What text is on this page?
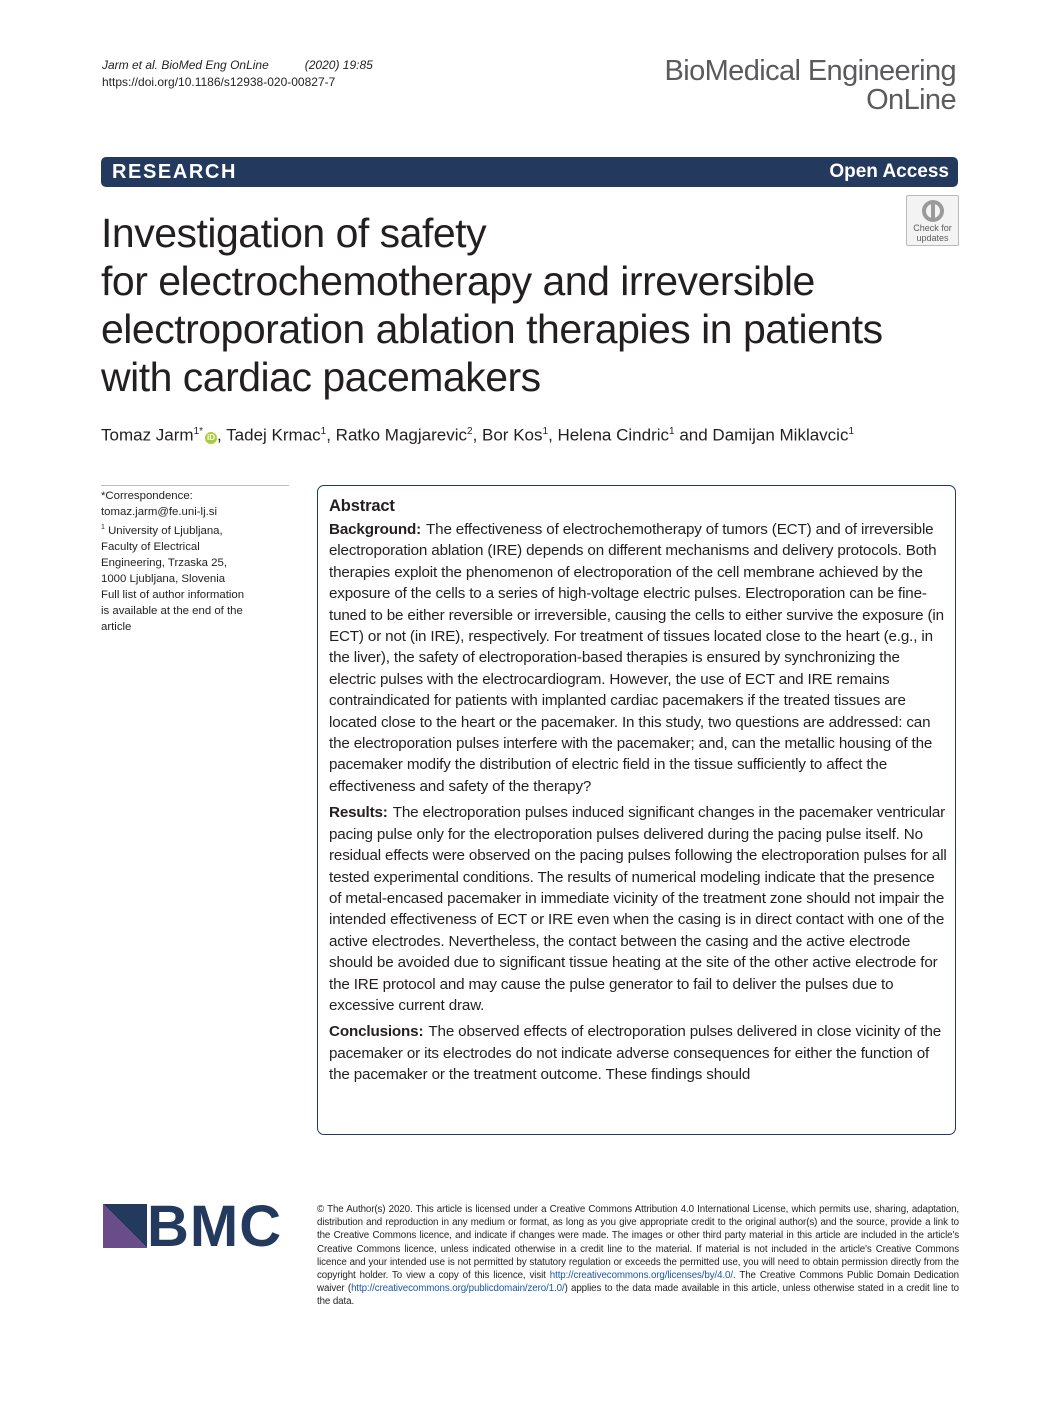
Jarm et al. BioMed Eng OnLine	(2020) 19:85
https://doi.org/10.1186/s12938-020-00827-7	BioMedical Engineering
OnLine
RESEARCH	Open Access
Check for
updates
Investigation of safety
for electrochemotherapy and irreversible
electroporation ablation therapies in patients
with cardiac pacemakers
Tomaz Jarm$^{1*}$iD , Tadej Krmac$^1$, Ratko Magjarevic$^2$, Bor Kos$^1$, Helena Cindric$^1$ and Damijan Miklavcic$^1$
*Correspondence:
tomaz.jarm@fe.uni-lj.si
$^1$ University of Ljubljana,
Faculty of Electrical
Engineering, Trzaska 25,
1000 Ljubljana, Slovenia
Full list of author information
is available at the end of the
article
Abstract

Background: The effectiveness of electrochemotherapy of tumors (ECT) and of irreversible electroporation ablation (IRE) depends on different mechanisms and delivery protocols. Both therapies exploit the phenomenon of electroporation of the cell membrane achieved by the exposure of the cells to a series of high-voltage electric pulses. Electroporation can be fine-tuned to be either reversible or irreversible, causing the cells to either survive the exposure (in ECT) or not (in IRE), respectively. For treatment of tissues located close to the heart (e.g., in the liver), the safety of electroporation-based therapies is ensured by synchronizing the electric pulses with the electrocardiogram. However, the use of ECT and IRE remains contraindicated for patients with implanted cardiac pacemakers if the treated tissues are located close to the heart or the pacemaker. In this study, two questions are addressed: can the electroporation pulses interfere with the pacemaker; and, can the metallic housing of the pacemaker modify the distribution of electric field in the tissue sufficiently to affect the effectiveness and safety of the therapy?

Results: The electroporation pulses induced significant changes in the pacemaker ventricular pacing pulse only for the electroporation pulses delivered during the pacing pulse itself. No residual effects were observed on the pacing pulses following the electroporation pulses for all tested experimental conditions. The results of numerical modeling indicate that the presence of metal-encased pacemaker in immediate vicinity of the treatment zone should not impair the intended effectiveness of ECT or IRE even when the casing is in direct contact with one of the active electrodes. Nevertheless, the contact between the casing and the active electrode should be avoided due to significant tissue heating at the site of the other active electrode for the IRE protocol and may cause the pulse generator to fail to deliver the pulses due to excessive current draw.

Conclusions: The observed effects of electroporation pulses delivered in close vicinity of the pacemaker or its electrodes do not indicate adverse consequences for either the function of the pacemaker or the treatment outcome. These findings should

BMC	© The Author(s) 2020. This article is licensed under a Creative Commons Attribution 4.0 International License, which permits use, sharing, adaptation, distribution and reproduction in any medium or format, as long as you give appropriate credit to the original author(s) and the source, provide a link to the Creative Commons licence, and indicate if changes were made. The images or other third party material in this article are included in the article's Creative Commons licence, unless indicated otherwise in a credit line to the material. If material is not included in the article's Creative Commons licence and your intended use is not permitted by statutory regulation or exceeds the permitted use, you will need to obtain permission directly from the copyright holder. To view a copy of this licence, visit http://creativecommons.org/licenses/by/4.0/. The Creative Commons Public Domain Dedication waiver (http://creativecommons.org/publicdomain/zero/1.0/) applies to the data made available in this article, unless otherwise stated in a credit line to the data.
